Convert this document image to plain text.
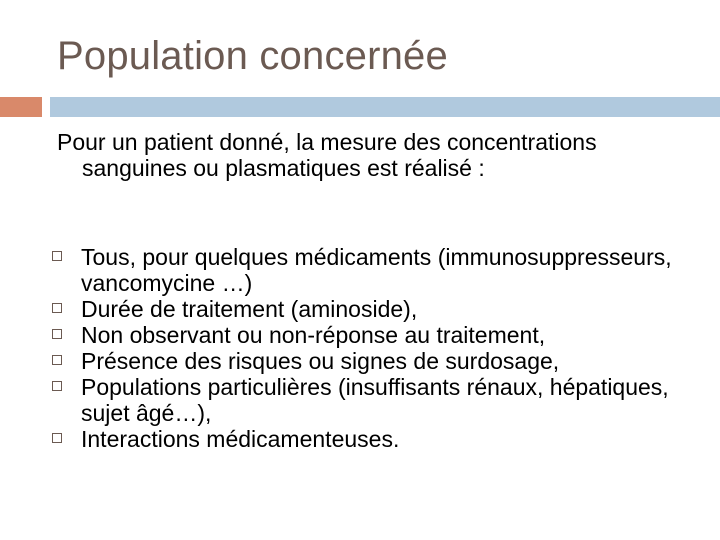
Population concernée
Pour un patient donné, la mesure des concentrations sanguines ou plasmatiques est réalisé :
Tous, pour quelques médicaments (immunosuppresseurs, vancomycine …)
Durée de traitement (aminoside),
Non observant ou non-réponse au traitement,
Présence des risques ou signes de surdosage,
Populations particulières (insuffisants rénaux, hépatiques, sujet âgé…),
Interactions médicamenteuses.
